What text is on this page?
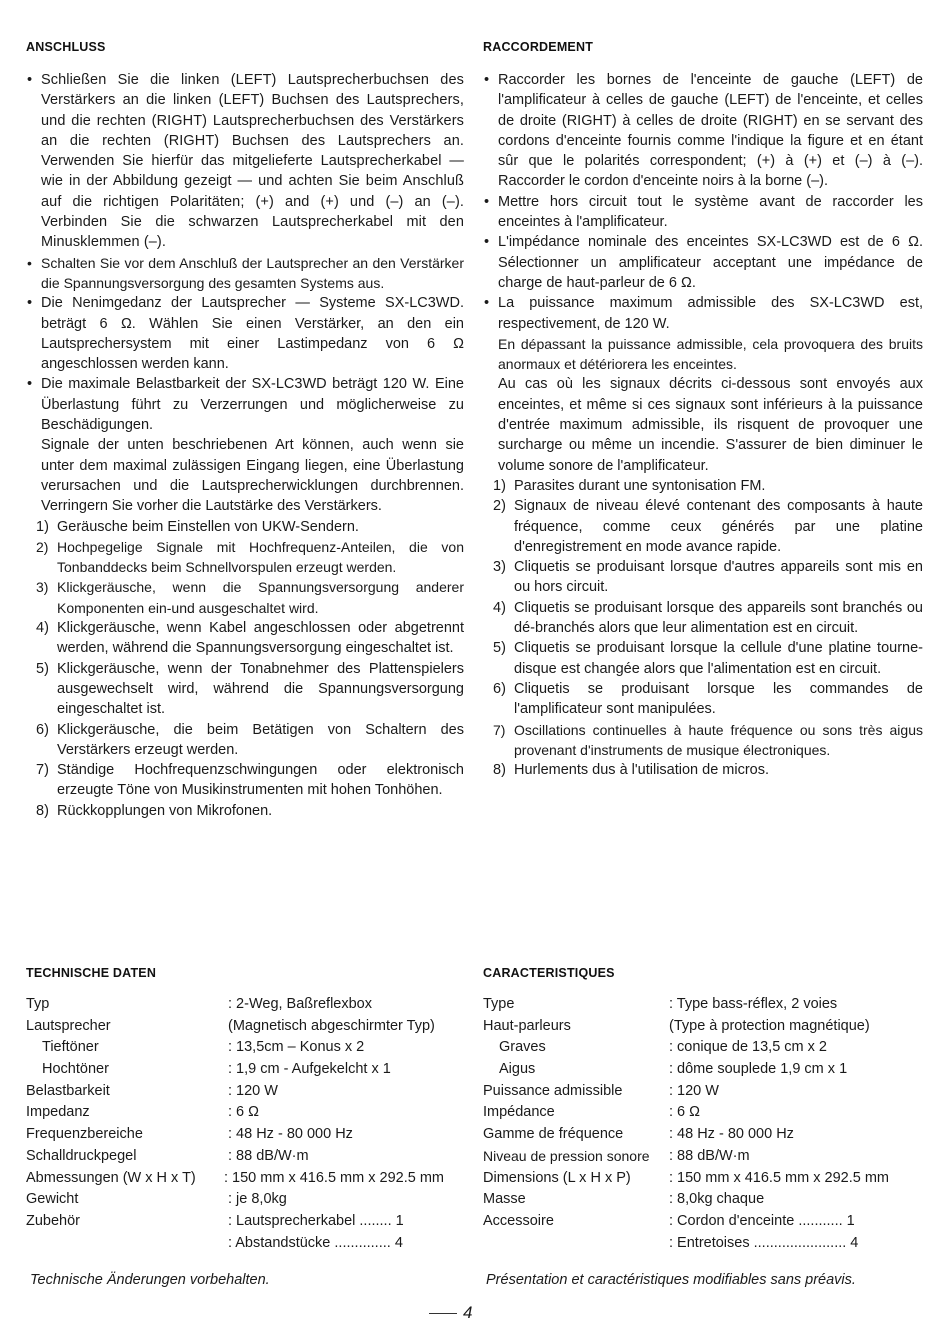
ANSCHLUSS
• Schließen Sie die linken (LEFT) Lautsprecherbuchsen des Verstärkers an die linken (LEFT) Buchsen des Lautsprechers, und die rechten (RIGHT) Lautsprecherbuchsen des Verstärkers an die rechten (RIGHT) Buchsen des Lautsprechers an. Verwenden Sie hierfür das mitgelieferte Lautsprecherkabel — wie in der Abbildung gezeigt — und achten Sie beim Anschluß auf die richtigen Polaritäten; (+) and (+) und (–) an (–). Verbinden Sie die schwarzen Lautsprecherkabel mit den Minusklemmen (–).
• Schalten Sie vor dem Anschluß der Lautsprecher an den Verstärker die Spannungsversorgung des gesamten Systems aus.
• Die Nenimgedanz der Lautsprecher — Systeme SX-LC3WD. beträgt 6 Ω. Wählen Sie einen Verstärker, an den ein Lautsprechersystem mit einer Lastimpedanz von 6 Ω angeschlossen werden kann.
• Die maximale Belastbarkeit der SX-LC3WD beträgt 120 W. Eine Überlastung führt zu Verzerrungen und möglicherweise zu Beschädigungen.

Signale der unten beschriebenen Art können, auch wenn sie unter dem maximal zulässigen Eingang liegen, eine Überlastung verursachen und die Lautsprecherwicklungen durchbrennen. Verringern Sie vorher die Lautstärke des Verstärkers.

1) Geräusche beim Einstellen von UKW-Sendern.
2) Hochpegelige Signale mit Hochfrequenz-Anteilen, die von Tonbanddecks beim Schnellvorspulen erzeugt werden.
3) Klickgeräusche, wenn die Spannungsversorgung anderer Komponenten ein-und ausgeschaltet wird.
4) Klickgeräusche, wenn Kabel angeschlossen oder abgetrennt werden, während die Spannungsversorgung eingeschaltet ist.
5) Klickgeräusche, wenn der Tonabnehmer des Plattenspielers ausgewechselt wird, während die Spannungsversorgung eingeschaltet ist.
6) Klickgeräusche, die beim Betätigen von Schaltern des Verstärkers erzeugt werden.
7) Ständige Hochfrequenzschwingungen oder elektronisch erzeugte Töne von Musikinstrumenten mit hohen Tonhöhen.
8) Rückkopplungen von Mikrofonen.
RACCORDEMENT
• Raccorder les bornes de l'enceinte de gauche (LEFT) de l'amplificateur à celles de gauche (LEFT) de l'enceinte, et celles de droite (RIGHT) à celles de droite (RIGHT) en se servant des cordons d'enceinte fournis comme l'indique la figure et en étant sûr que le polarités correspondent; (+) à (+) et (–) à (–). Raccorder le cordon d'enceinte noirs à la borne (–).
• Mettre hors circuit tout le système avant de raccorder les enceintes à l'amplificateur.
• L'impédance nominale des enceintes SX-LC3WD est de 6 Ω. Sélectionner un amplificateur acceptant une impédance de charge de haut-parleur de 6 Ω.
• La puissance maximum admissible des SX-LC3WD est, respectivement, de 120 W.

En dépassant la puissance admissible, cela provoquera des bruits anormaux et détériorera les enceintes.

Au cas où les signaux décrits ci-dessous sont envoyés aux enceintes, et même si ces signaux sont inférieurs à la puissance d'entrée maximum admissible, ils risquent de provoquer une surcharge ou même un incendie. S'assurer de bien diminuer le volume sonore de l'amplificateur.

1) Parasites durant une syntonisation FM.
2) Signaux de niveau élevé contenant des composants à haute fréquence, comme ceux générés par une platine d'enregistrement en mode avance rapide.
3) Cliquetis se produisant lorsque d'autres appareils sont mis en ou hors circuit.
4) Cliquetis se produisant lorsque des appareils sont branchés ou dé-branchés alors que leur alimentation est en circuit.
5) Cliquetis se produisant lorsque la cellule d'une platine tourne-disque est changée alors que l'alimentation est en circuit.
6) Cliquetis se produisant lorsque les commandes de l'amplificateur sont manipulées.
7) Oscillations continuelles à haute fréquence ou sons très aigus provenant d'instruments de musique électroniques.
8) Hurlements dus à l'utilisation de micros.
TECHNISCHE DATEN
Typ	: 2-Weg, Baßreflexbox
Lautsprecher	(Magnetisch abgeschirmter Typ)
Tieftöner	: 13,5cm – Konus x 2
Hochtöner	: 1,9 cm - Aufgekelcht x 1
Belastbarkeit	: 120 W
Impedanz	: 6 Ω
Frequenzbereiche	: 48 Hz - 80 000 Hz
Schalldruckpegel	: 88 dB/W·m
Abmessungen (W x H x T) : 150 mm x 416.5 mm x 292.5 mm
Gewicht	: je 8,0kg
Zubehör	: Lautsprecherkabel ........ 1
: Abstandstücke .............. 4
CARACTERISTIQUES
Type	: Type bass-réflex, 2 voies
Haut-parleurs	(Type à protection magnétique)
Graves	: conique de 13,5 cm x 2
Aigus	: dôme souplede 1,9 cm x 1
Puissance admissible	: 120 W
Impédance	: 6 Ω
Gamme de fréquence	: 48 Hz - 80 000 Hz
Niveau de pression sonore : 88 dB/W·m
Dimensions (L x H x P)	: 150 mm x 416.5 mm x 292.5 mm
Masse	: 8,0kg chaque
Accessoire	: Cordon d'enceinte ........... 1
: Entretoises ....................... 4
Technische Änderungen vorbehalten.	Présentation et caractéristiques modifiables sans préavis.
4
